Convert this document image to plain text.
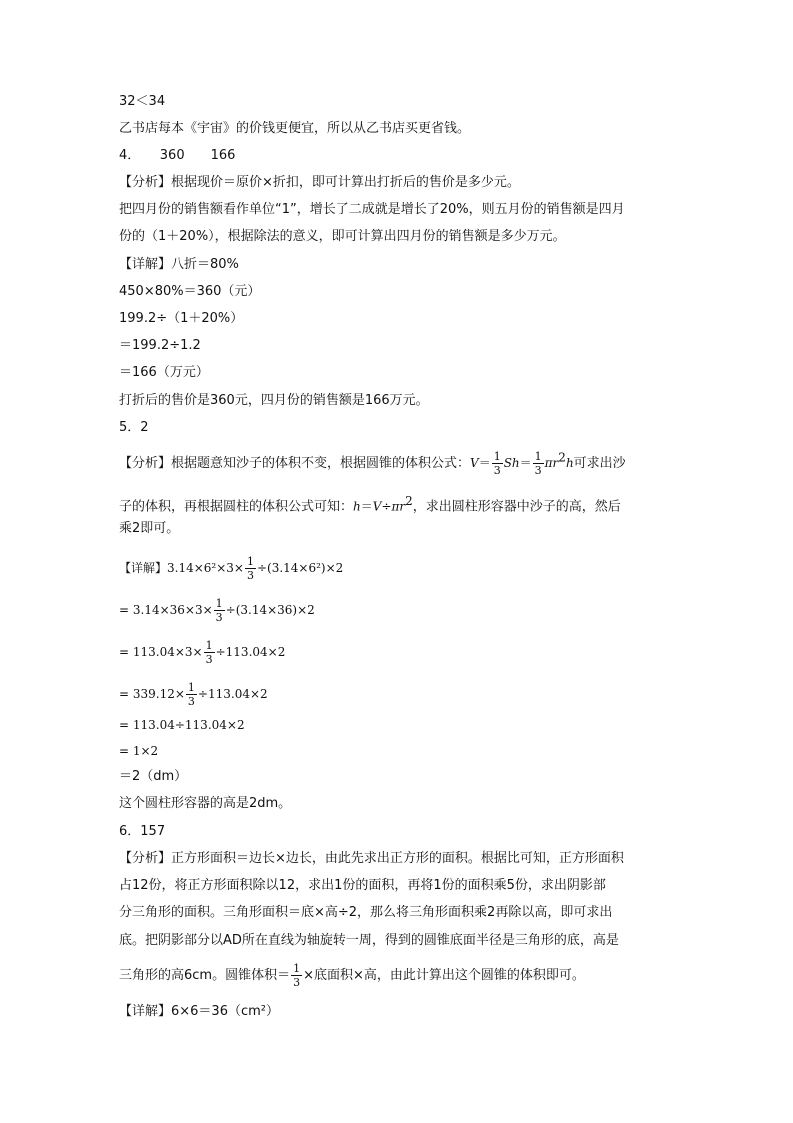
32＜34
乙书店每本《宇宙》的价钱更便宜，所以从乙书店买更省钱。
4．　　360　　166
【分析】根据现价＝原价×折扣，即可计算出打折后的售价是多少元。
把四月份的销售额看作单位“1”，增长了二成就是增长了20%，则五月份的销售额是四月
份的（1＋20%），根据除法的意义，即可计算出四月份的销售额是多少万元。
【详解】八折＝80%
450×80%＝360（元）
199.2÷（1＋20%）
＝199.2÷1.2
＝166（万元）
打折后的售价是360元，四月份的销售额是166万元。
5．2
【分析】根据题意知沙子的体积不变，根据圆锥的体积公式：$V= \frac{1}{3} Sh= \frac{1}{3} \pi r^2h$可求出沙
子的体积，再根据圆柱的体积公式可知：$h=V\div\pi r^2$，求出圆柱形容器中沙子的高，然后
乘2即可。
【详解】$3.14\times 6^2\times 3\times \frac{1}{3} \div(3.14\times 6^2)\times 2$
= $3.14\times 36\times 3\times \frac{1}{3} \div(3.14\times 36)\times 2$
= $113.04\times 3\times \frac{1}{3} \div 113.04\times 2$
= $339.12\times \frac{1}{3} \div 113.04\times 2$
= 113.04÷113.04×2
= 1×2
＝2（dm）
这个圆柱形容器的高是2dm。
6．157
【分析】正方形面积＝边长×边长，由此先求出正方形的面积。根据比可知，正方形面积
占12份，将正方形面积除以12，求出1份的面积，再将1份的面积乘5份，求出阴影部
分三角形的面积。三角形面积＝底×高÷2，那么将三角形面积乘2再除以高，即可求出
底。把阴影部分以AD所在直线为轴旋转一周，得到的圆锥底面半径是三角形的底，高是
三角形的高6cm。圆锥体积＝ $\frac{1}{3}$ ×底面积×高，由此计算出这个圆锥的体积即可。
【详解】6×6＝36（cm²）
